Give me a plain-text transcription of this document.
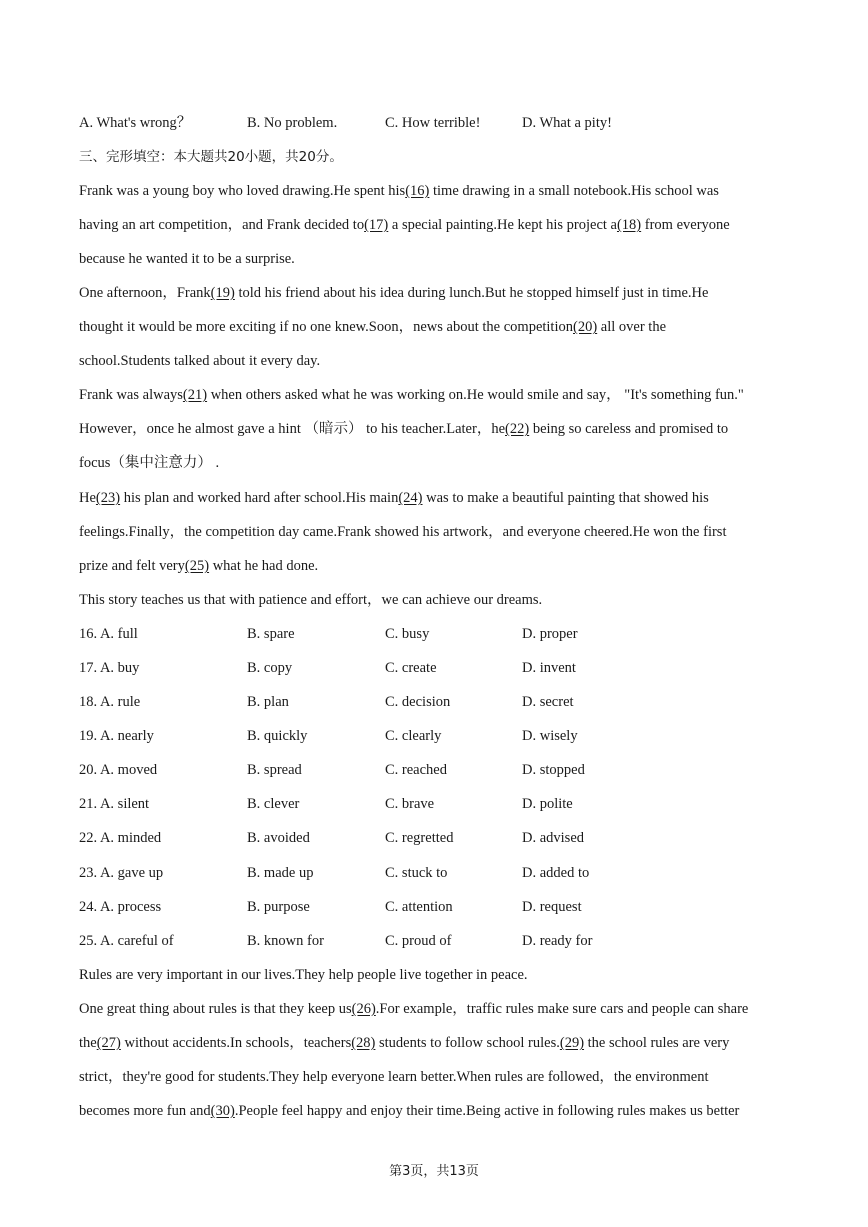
A. What's wrong？	B. No problem.	C. How terrible!	D. What a pity!
三、完形填空：本大题共20小题，共20分。
Frank was a young boy who loved drawing.He spent his(16) time drawing in a small notebook.His school was
having an art competition，and Frank decided to(17) a special painting.He kept his project a(18) from everyone
because he wanted it to be a surprise.
One afternoon，Frank(19) told his friend about his idea during lunch.But he stopped himself just in time.He
thought it would be more exciting if no one knew.Soon，news about the competition(20) all over the
school.Students talked about it every day.
Frank was always(21) when others asked what he was working on.He would smile and say， "It's something fun."
However，once he almost gave a hint （暗示） to his teacher.Later，he(22) being so careless and promised to
focus（集中注意力） .
He(23) his plan and worked hard after school.His main(24) was to make a beautiful painting that showed his
feelings.Finally，the competition day came.Frank showed his artwork，and everyone cheered.He won the first
prize and felt very(25) what he had done.
This story teaches us that with patience and effort，we can achieve our dreams.
16. A. full	B. spare	C. busy	D. proper
17. A. buy	B. copy	C. create	D. invent
18. A. rule	B. plan	C. decision	D. secret
19. A. nearly	B. quickly	C. clearly	D. wisely
20. A. moved	B. spread	C. reached	D. stopped
21. A. silent	B. clever	C. brave	D. polite
22. A. minded	B. avoided	C. regretted	D. advised
23. A. gave up	B. made up	C. stuck to	D. added to
24. A. process	B. purpose	C. attention	D. request
25. A. careful of	B. known for	C. proud of	D. ready for
Rules are very important in our lives.They help people live together in peace.
One great thing about rules is that they keep us(26).For example，traffic rules make sure cars and people can share
the(27) without accidents.In schools，teachers(28) students to follow school rules.(29) the school rules are very
strict，they're good for students.They help everyone learn better.When rules are followed，the environment
becomes more fun and(30).People feel happy and enjoy their time.Being active in following rules makes us better
第3页，共13页
